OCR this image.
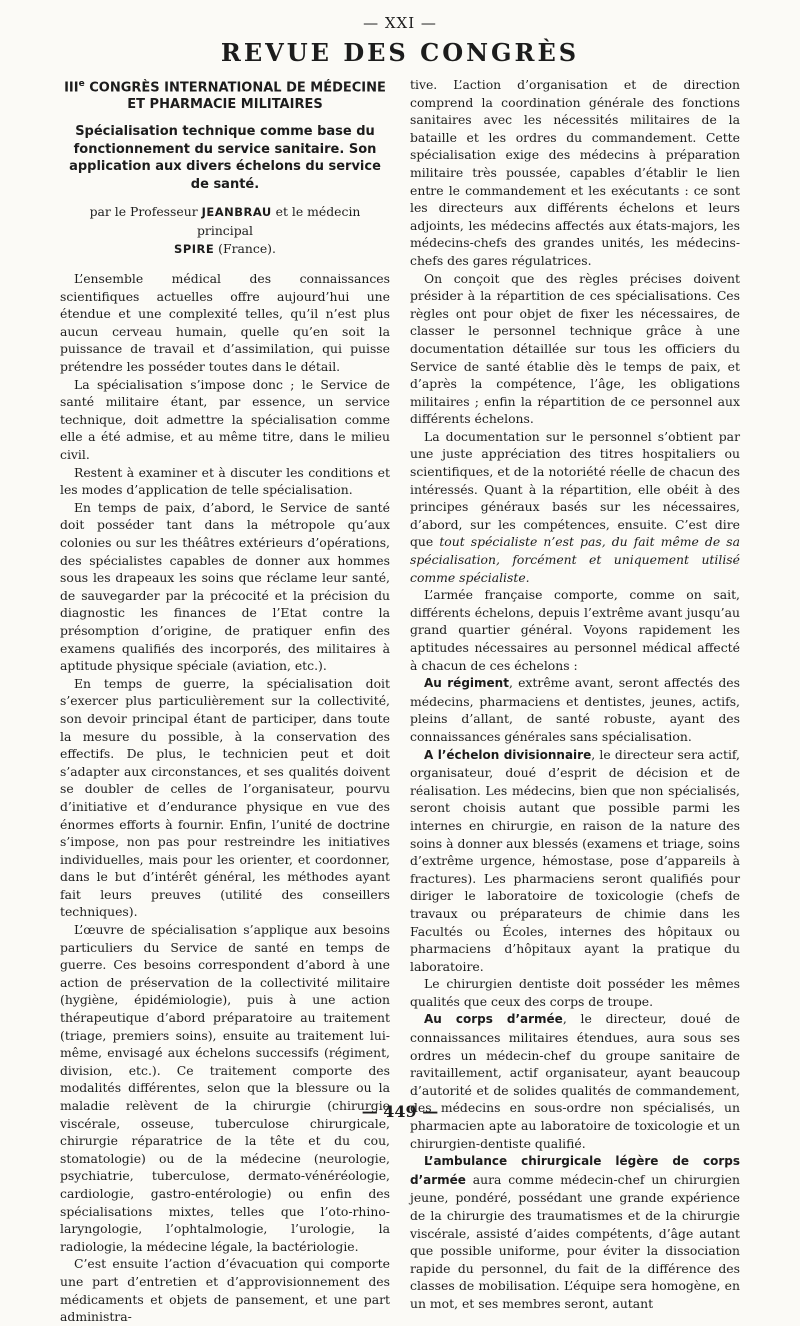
— XXI —
REVUE DES CONGRÈS
IIIe CONGRÈS INTERNATIONAL DE MÉDECINE
ET PHARMACIE MILITAIRES
Spécialisation technique comme base du fonctionnement du service sanitaire. Son application aux divers échelons du service de santé.
par le Professeur JEANBRAU et le médecin principal
SPIRE (France).

L’ensemble médical des connaissances scientifiques actuelles offre aujourd’hui une étendue et une complexité telles, qu’il n’est plus aucun cerveau humain, quelle qu’en soit la puissance de travail et d’assimilation, qui puisse prétendre les posséder toutes dans le détail.

La spécialisation s’impose donc ; le Service de santé militaire étant, par essence, un service technique, doit admettre la spécialisation comme elle a été admise, et au même titre, dans le milieu civil.

Restent à examiner et à discuter les conditions et les modes d’application de telle spécialisation.

En temps de paix, d’abord, le Service de santé doit posséder tant dans la métropole qu’aux colonies ou sur les théâtres extérieurs d’opérations, des spécialistes capables de donner aux hommes sous les drapeaux les soins que réclame leur santé, de sauvegarder par la précocité et la précision du diagnostic les finances de l’Etat contre la présomption d’origine, de pratiquer enfin des examens qualifiés des incorporés, des militaires à aptitude physique spéciale (aviation, etc.).

En temps de guerre, la spécialisation doit s’exercer plus particulièrement sur la collectivité, son devoir principal étant de participer, dans toute la mesure du possible, à la conservation des effectifs. De plus, le technicien peut et doit s’adapter aux circonstances, et ses qualités doivent se doubler de celles de l’organisateur, pourvu d’initiative et d’endurance physique en vue des énormes efforts à fournir. Enfin, l’unité de doctrine s’impose, non pas pour restreindre les initiatives individuelles, mais pour les orienter, et coordonner, dans le but d’intérêt général, les méthodes ayant fait leurs preuves (utilité des conseillers techniques).

L’œuvre de spécialisation s’applique aux besoins particuliers du Service de santé en temps de guerre. Ces besoins correspondent d’abord à une action de préservation de la collectivité militaire (hygiène, épidémiologie), puis à une action thérapeutique d’abord préparatoire au traitement (triage, premiers soins), ensuite au traitement lui-même, envisagé aux échelons successifs (régiment, division, etc.). Ce traitement comporte des modalités différentes, selon que la blessure ou la maladie relèvent de la chirurgie (chirurgie viscérale, osseuse, tuberculose chirurgicale, chirurgie réparatrice de la tête et du cou, stomatologie) ou de la médecine (neurologie, psychiatrie, tuberculose, dermato-vénéréologie, cardiologie, gastro-entérologie) ou enfin des spécialisations mixtes, telles que l’oto-rhino-laryngologie, l’ophtalmologie, l’urologie, la radiologie, la médecine légale, la bactériologie.

C’est ensuite l’action d’évacuation qui comporte une part d’entretien et d’approvisionnement des médicaments et objets de pansement, et une part administra-

tive. L’action d’organisation et de direction comprend la coordination générale des fonctions sanitaires avec les nécessités militaires de la bataille et les ordres du commandement. Cette spécialisation exige des médecins à préparation militaire très poussée, capables d’établir le lien entre le commandement et les exécutants : ce sont les directeurs aux différents échelons et leurs adjoints, les médecins affectés aux états-majors, les médecins-chefs des grandes unités, les médecins-chefs des gares régulatrices.

On conçoit que des règles précises doivent présider à la répartition de ces spécialisations. Ces règles ont pour objet de fixer les nécessaires, de classer le personnel technique grâce à une documentation détaillée sur tous les officiers du Service de santé établie dès le temps de paix, et d’après la compétence, l’âge, les obligations militaires ; enfin la répartition de ce personnel aux différents échelons.

La documentation sur le personnel s’obtient par une juste appréciation des titres hospitaliers ou scientifiques, et de la notoriété réelle de chacun des intéressés. Quant à la répartition, elle obéit à des principes généraux basés sur les nécessaires, d’abord, sur les compétences, ensuite. C’est dire que tout spécialiste n’est pas, du fait même de sa spécialisation, forcément et uniquement utilisé comme spécialiste.

L’armée française comporte, comme on sait, différents échelons, depuis l’extrême avant jusqu’au grand quartier général. Voyons rapidement les aptitudes nécessaires au personnel médical affecté à chacun de ces échelons :

Au régiment, extrême avant, seront affectés des médecins, pharmaciens et dentistes, jeunes, actifs, pleins d’allant, de santé robuste, ayant des connaissances générales sans spécialisation.

A l’échelon divisionnaire, le directeur sera actif, organisateur, doué d’esprit de décision et de réalisation. Les médecins, bien que non spécialisés, seront choisis autant que possible parmi les internes en chirurgie, en raison de la nature des soins à donner aux blessés (examens et triage, soins d’extrême urgence, hémostase, pose d’appareils à fractures). Les pharmaciens seront qualifiés pour diriger le laboratoire de toxicologie (chefs de travaux ou préparateurs de chimie dans les Facultés ou Écoles, internes des hôpitaux ou pharmaciens d’hôpitaux ayant la pratique du laboratoire.

Le chirurgien dentiste doit posséder les mêmes qualités que ceux des corps de troupe.

Au corps d’armée, le directeur, doué de connaissances militaires étendues, aura sous ses ordres un médecin-chef du groupe sanitaire de ravitaillement, actif organisateur, ayant beaucoup d’autorité et de solides qualités de commandement, des médecins en sous-ordre non spécialisés, un pharmacien apte au laboratoire de toxicologie et un chirurgien-dentiste qualifié.

L’ambulance chirurgicale légère de corps d’armée aura comme médecin-chef un chirurgien jeune, pondéré, possédant une grande expérience de la chirurgie des traumatismes et de la chirurgie viscérale, assisté d’aides compétents, d’âge autant que possible uniforme, pour éviter la dissociation rapide du personnel, du fait de la différence des classes de mobilisation. L’équipe sera homogène, en un mot, et ses membres seront, autant

— 449 —
